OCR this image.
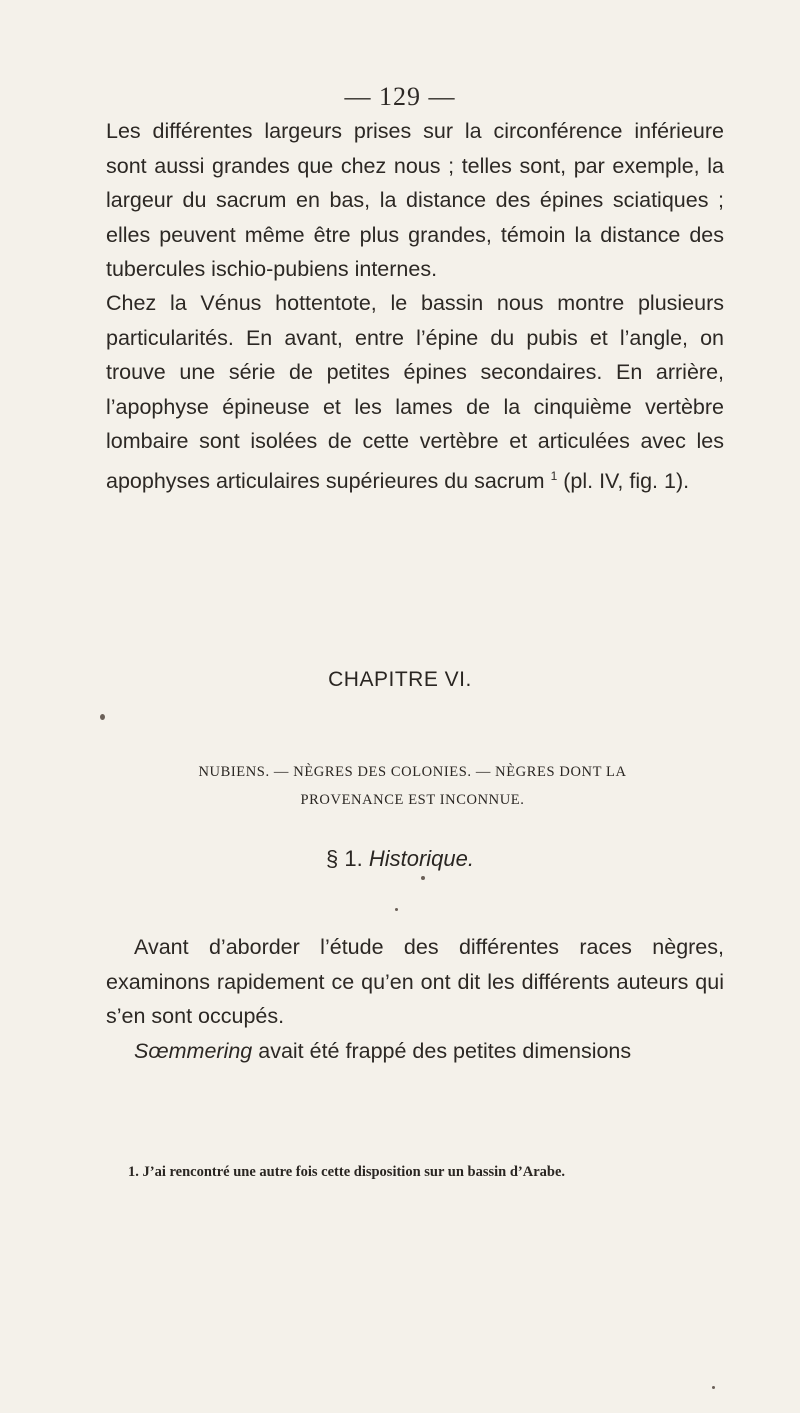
— 129 —

Les différentes largeurs prises sur la circonférence inférieure sont aussi grandes que chez nous ; telles sont, par exemple, la largeur du sacrum en bas, la distance des épines sciatiques ; elles peuvent même être plus grandes, témoin la distance des tubercules ischio-pubiens internes.

Chez la Vénus hottentote, le bassin nous montre plusieurs particularités. En avant, entre l’épine du pubis et l’angle, on trouve une série de petites épines secondaires. En arrière, l’apophyse épineuse et les lames de la cinquième vertèbre lombaire sont isolées de cette vertèbre et articulées avec les apophyses articulaires supérieures du sacrum $^1$ (pl. IV, fig. 1).

CHAPITRE VI.
NUBIENS. — NÈGRES DES COLONIES. — NÈGRES DONT LA
PROVENANCE EST INCONNUE.
§ 1. Historique.

Avant d’aborder l’étude des différentes races nègres, examinons rapidement ce qu’en ont dit les différents auteurs qui s’en sont occupés.

Sœmmering avait été frappé des petites dimensions

1. J’ai rencontré une autre fois cette disposition sur un bassin d’Arabe.
